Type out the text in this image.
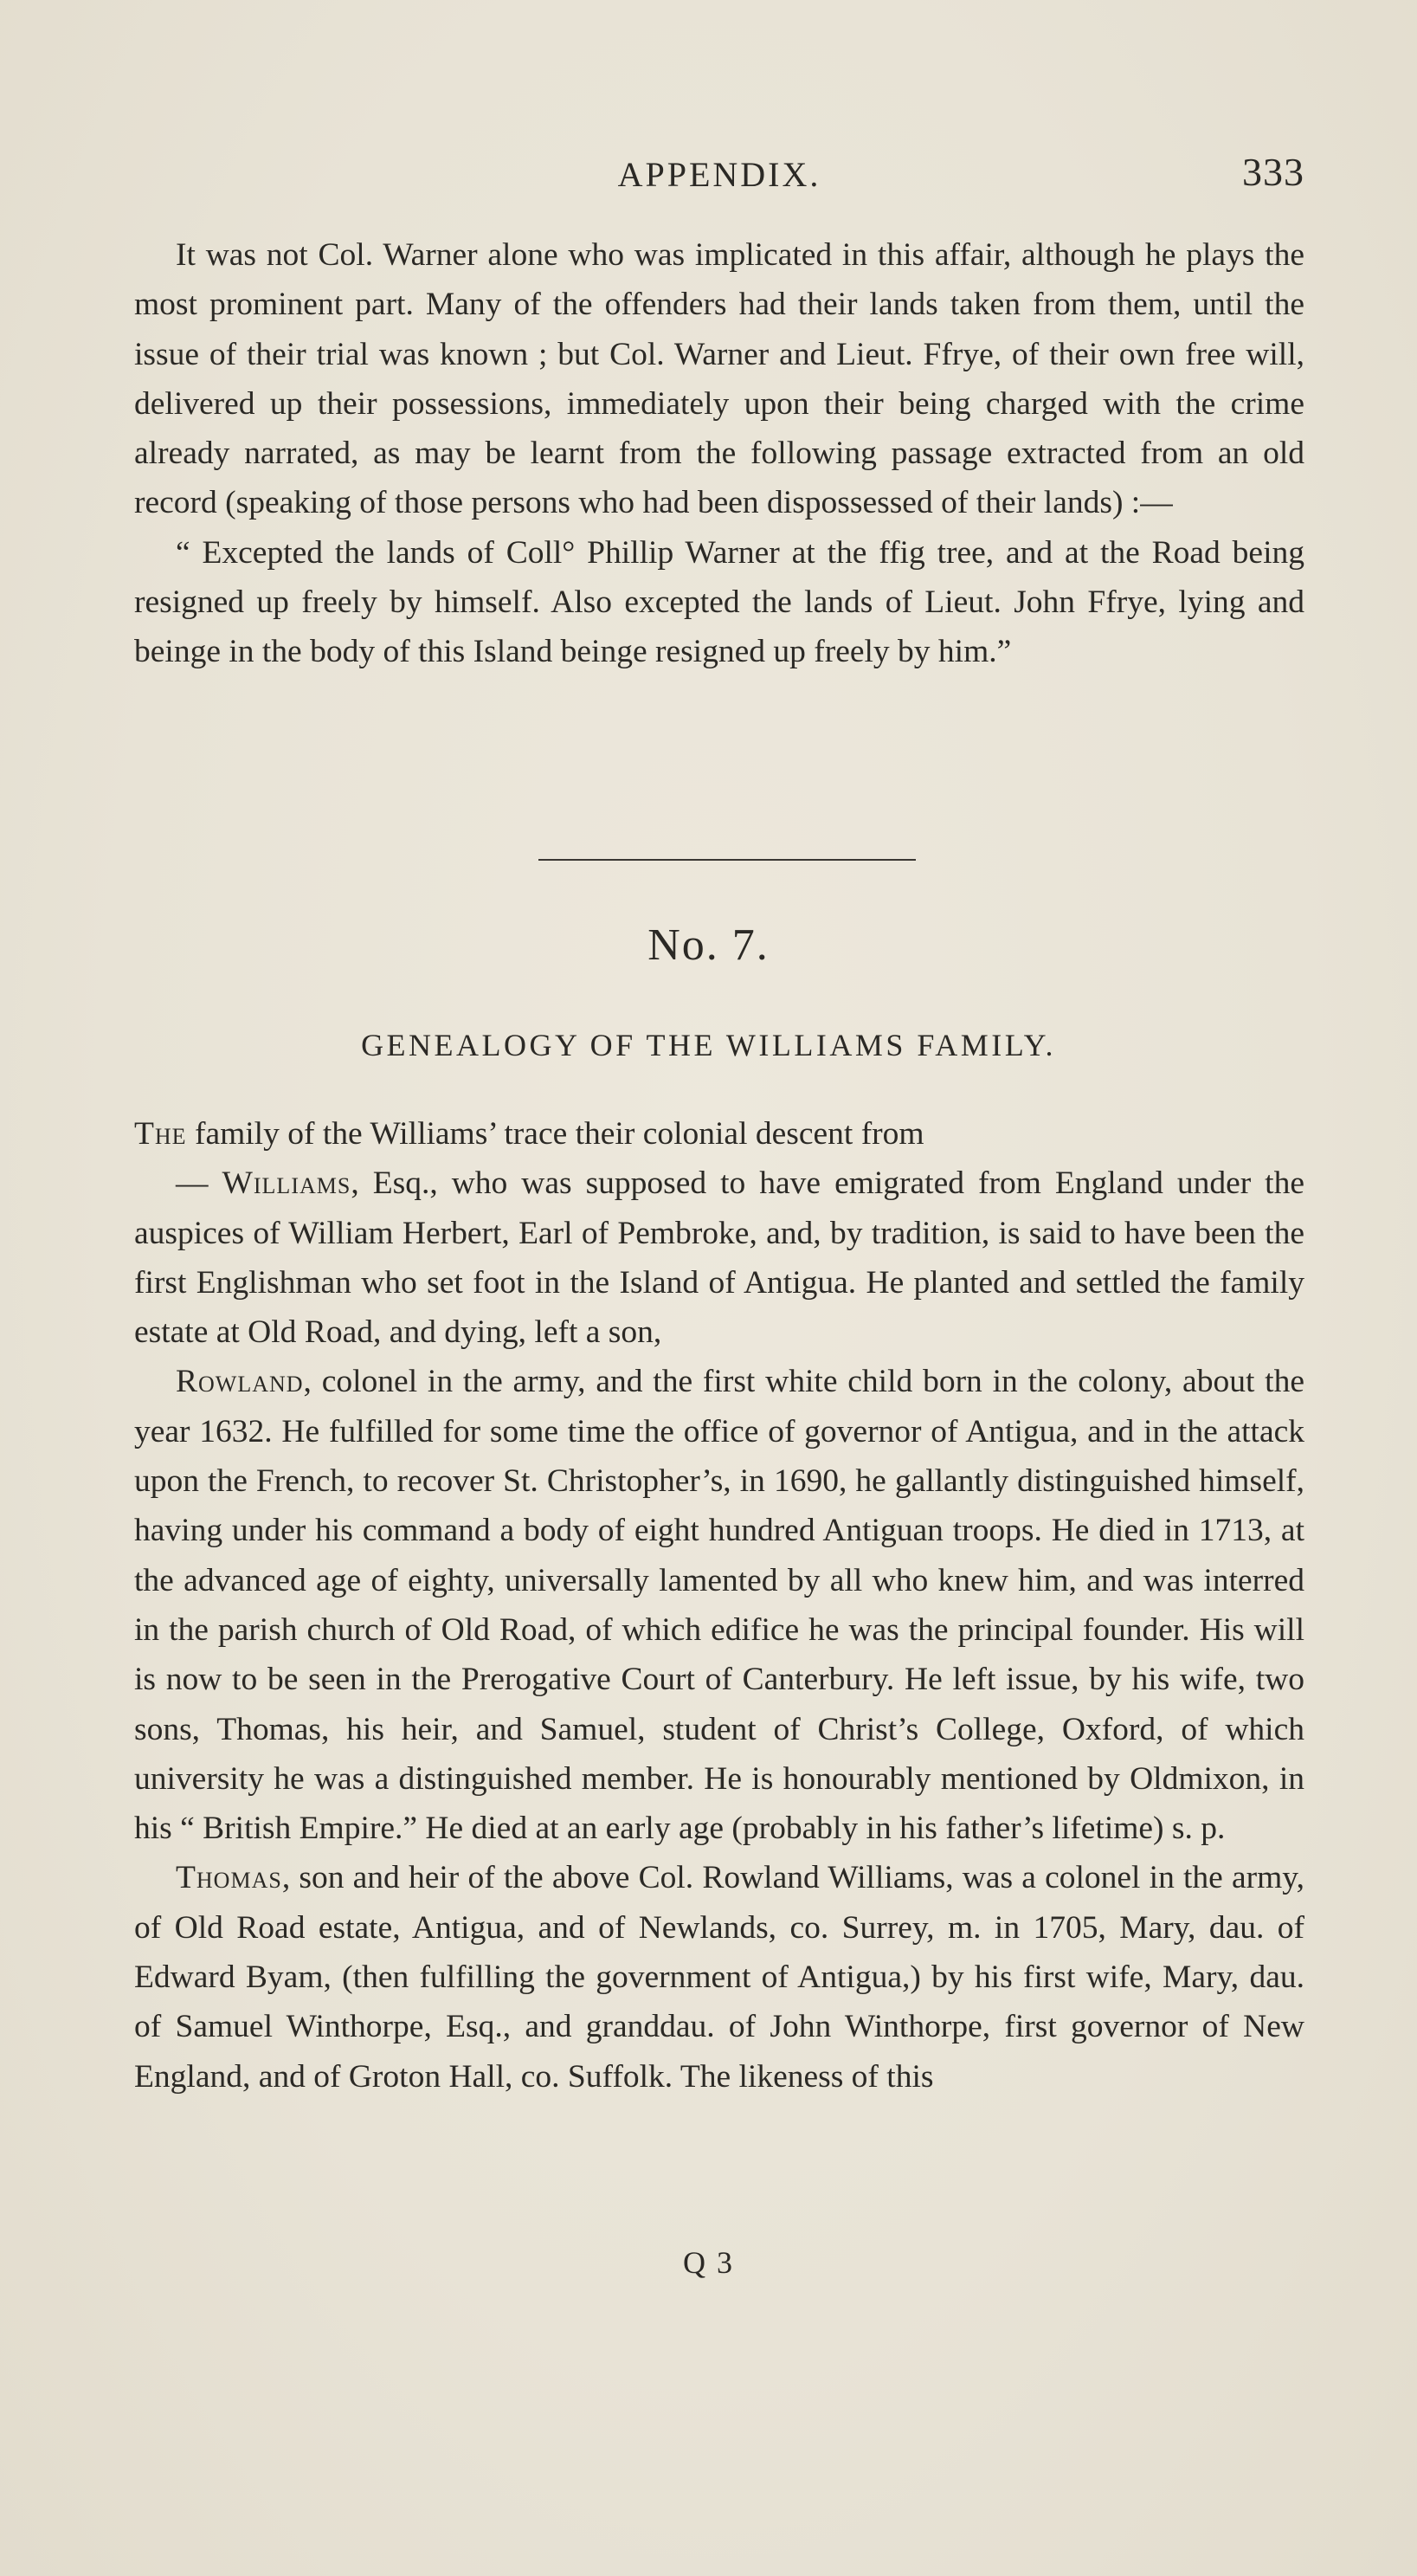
APPENDIX.	333

It was not Col. Warner alone who was implicated in this affair, although he plays the most prominent part. Many of the offenders had their lands taken from them, until the issue of their trial was known ; but Col. Warner and Lieut. Ffrye, of their own free will, delivered up their possessions, immediately upon their being charged with the crime already narrated, as may be learnt from the following passage extracted from an old record (speaking of those persons who had been dispossessed of their lands) :—

“ Excepted the lands of Coll° Phillip Warner at the ffig tree, and at the Road being resigned up freely by himself. Also excepted the lands of Lieut. John Ffrye, lying and beinge in the body of this Island beinge resigned up freely by him.”

No. 7.
GENEALOGY OF THE WILLIAMS FAMILY.

The family of the Williams’ trace their colonial descent from

— Williams, Esq., who was supposed to have emigrated from England under the auspices of William Herbert, Earl of Pembroke, and, by tradition, is said to have been the first Englishman who set foot in the Island of Antigua. He planted and settled the family estate at Old Road, and dying, left a son,

Rowland, colonel in the army, and the first white child born in the colony, about the year 1632. He fulfilled for some time the office of governor of Antigua, and in the attack upon the French, to recover St. Christopher’s, in 1690, he gallantly distinguished himself, having under his command a body of eight hundred Antiguan troops. He died in 1713, at the advanced age of eighty, universally lamented by all who knew him, and was interred in the parish church of Old Road, of which edifice he was the principal founder. His will is now to be seen in the Prerogative Court of Canterbury. He left issue, by his wife, two sons, Thomas, his heir, and Samuel, student of Christ’s College, Oxford, of which university he was a distinguished member. He is honourably mentioned by Oldmixon, in his “ British Empire.” He died at an early age (probably in his father’s lifetime) s. p.

Thomas, son and heir of the above Col. Rowland Williams, was a colonel in the army, of Old Road estate, Antigua, and of Newlands, co. Surrey, m. in 1705, Mary, dau. of Edward Byam, (then fulfilling the government of Antigua,) by his first wife, Mary, dau. of Samuel Winthorpe, Esq., and granddau. of John Winthorpe, first governor of New England, and of Groton Hall, co. Suffolk. The likeness of this

Q 3
